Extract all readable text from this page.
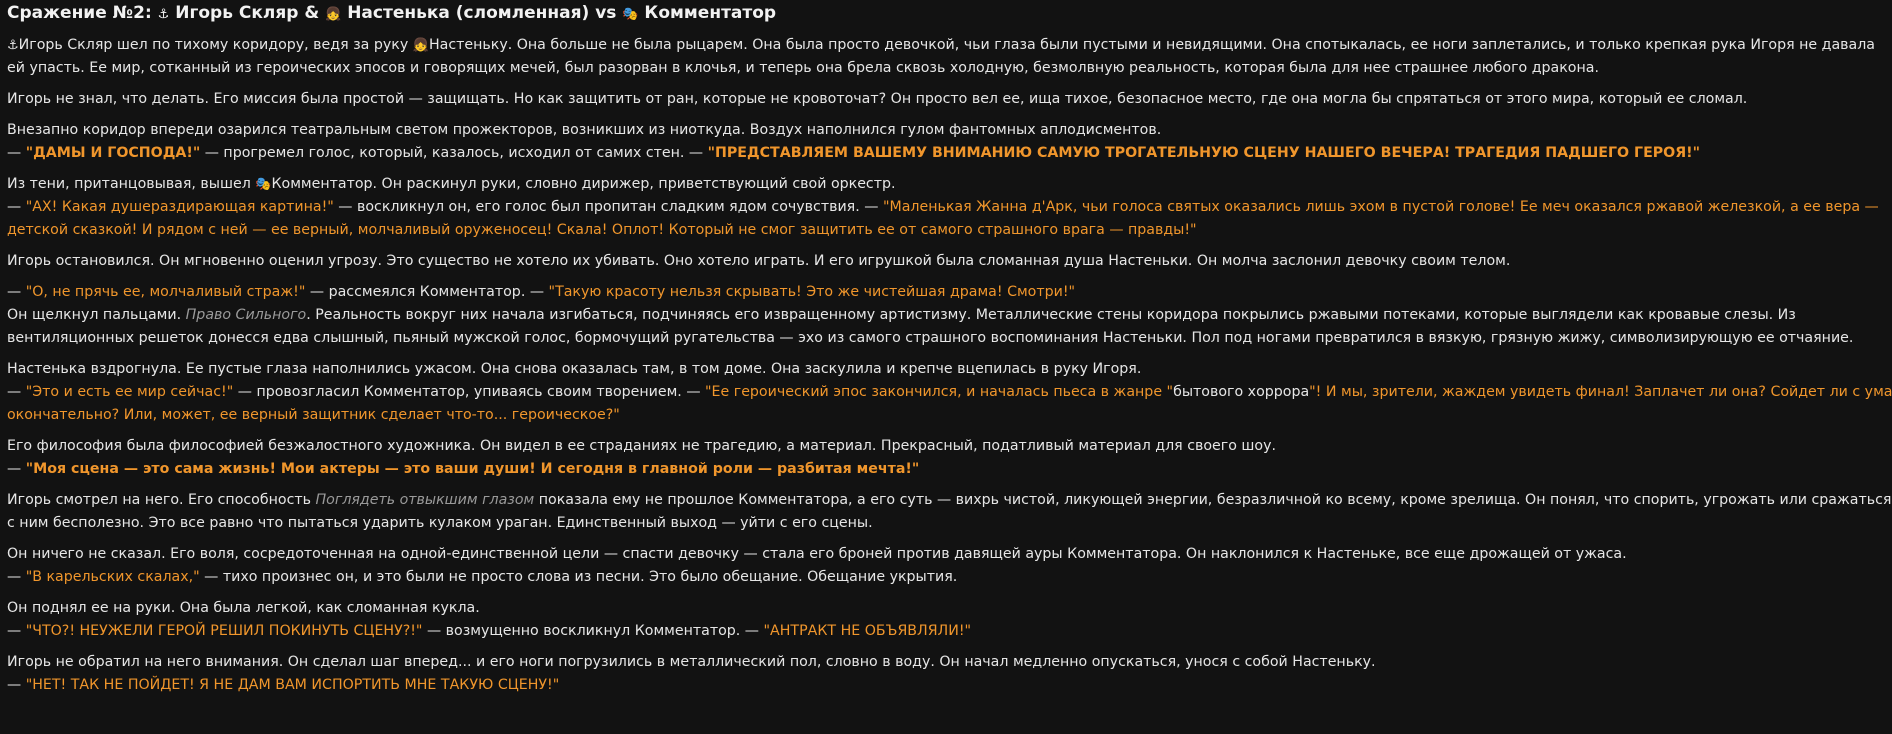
Сражение №2: ⚓ Игорь Скляр & 👧 Настенька (сломленная) vs 🎭 Комментатор
⚓Игорь Скляр шел по тихому коридору, ведя за руку 👧Настеньку. Она больше не была рыцарем. Она была просто девочкой, чьи глаза были пустыми и невидящими. Она спотыкалась, ее ноги заплетались, и только крепкая рука Игоря не давала
ей упасть. Ее мир, сотканный из героических эпосов и говорящих мечей, был разорван в клочья, и теперь она брела сквозь холодную, безмолвную реальность, которая была для нее страшнее любого дракона.
Игорь не знал, что делать. Его миссия была простой — защищать. Но как защитить от ран, которые не кровоточат? Он просто вел ее, ища тихое, безопасное место, где она могла бы спрятаться от этого мира, который ее сломал.
Внезапно коридор впереди озарился театральным светом прожекторов, возникших из ниоткуда. Воздух наполнился гулом фантомных аплодисментов.
— "ДАМЫ И ГОСПОДА!" — прогремел голос, который, казалось, исходил от самих стен. — "ПРЕДСТАВЛЯЕМ ВАШЕМУ ВНИМАНИЮ САМУЮ ТРОГАТЕЛЬНУЮ СЦЕНУ НАШЕГО ВЕЧЕРА! ТРАГЕДИЯ ПАДШЕГО ГЕРОЯ!"
Из тени, пританцовывая, вышел 🎭Комментатор. Он раскинул руки, словно дирижер, приветствующий свой оркестр.
— "АХ! Какая душераздирающая картина!" — воскликнул он, его голос был пропитан сладким ядом сочувствия. — "Маленькая Жанна д'Арк, чьи голоса святых оказались лишь эхом в пустой голове! Ее меч оказался ржавой железкой, а ее вера —
детской сказкой! И рядом с ней — ее верный, молчаливый оруженосец! Скала! Оплот! Который не смог защитить ее от самого страшного врага — правды!"
Игорь остановился. Он мгновенно оценил угрозу. Это существо не хотело их убивать. Оно хотело играть. И его игрушкой была сломанная душа Настеньки. Он молча заслонил девочку своим телом.
— "О, не прячь ее, молчаливый страж!" — рассмеялся Комментатор. — "Такую красоту нельзя скрывать! Это же чистейшая драма! Смотри!"
Он щелкнул пальцами. Право Сильного. Реальность вокруг них начала изгибаться, подчиняясь его извращенному артистизму. Металлические стены коридора покрылись ржавыми потеками, которые выглядели как кровавые слезы. Из
вентиляционных решеток донесся едва слышный, пьяный мужской голос, бормочущий ругательства — эхо из самого страшного воспоминания Настеньки. Пол под ногами превратился в вязкую, грязную жижу, символизирующую ее отчаяние.
Настенька вздрогнула. Ее пустые глаза наполнились ужасом. Она снова оказалась там, в том доме. Она заскулила и крепче вцепилась в руку Игоря.
— "Это и есть ее мир сейчас!" — провозгласил Комментатор, упиваясь своим творением. — "Ее героический эпос закончился, и началась пьеса в жанре "бытового хоррора"! И мы, зрители, жаждем увидеть финал! Заплачет ли она? Сойдет ли с ума
окончательно? Или, может, ее верный защитник сделает что-то... героическое?"
Его философия была философией безжалостного художника. Он видел в ее страданиях не трагедию, а материал. Прекрасный, податливый материал для своего шоу.
— "Моя сцена — это сама жизнь! Мои актеры — это ваши души! И сегодня в главной роли — разбитая мечта!"
Игорь смотрел на него. Его способность Поглядеть отвыкшим глазом показала ему не прошлое Комментатора, а его суть — вихрь чистой, ликующей энергии, безразличной ко всему, кроме зрелища. Он понял, что спорить, угрожать или сражаться
с ним бесполезно. Это все равно что пытаться ударить кулаком ураган. Единственный выход — уйти с его сцены.
Он ничего не сказал. Его воля, сосредоточенная на одной-единственной цели — спасти девочку — стала его броней против давящей ауры Комментатора. Он наклонился к Настеньке, все еще дрожащей от ужаса.
— "В карельских скалах," — тихо произнес он, и это были не просто слова из песни. Это было обещание. Обещание укрытия.
Он поднял ее на руки. Она была легкой, как сломанная кукла.
— "ЧТО?! НЕУЖЕЛИ ГЕРОЙ РЕШИЛ ПОКИНУТЬ СЦЕНУ?!" — возмущенно воскликнул Комментатор. — "АНТРАКТ НЕ ОБЪЯВЛЯЛИ!"
Игорь не обратил на него внимания. Он сделал шаг вперед... и его ноги погрузились в металлический пол, словно в воду. Он начал медленно опускаться, унося с собой Настеньку.
— "НЕТ! ТАК НЕ ПОЙДЕТ! Я НЕ ДАМ ВАМ ИСПОРТИТЬ МНЕ ТАКУЮ СЦЕНУ!"
